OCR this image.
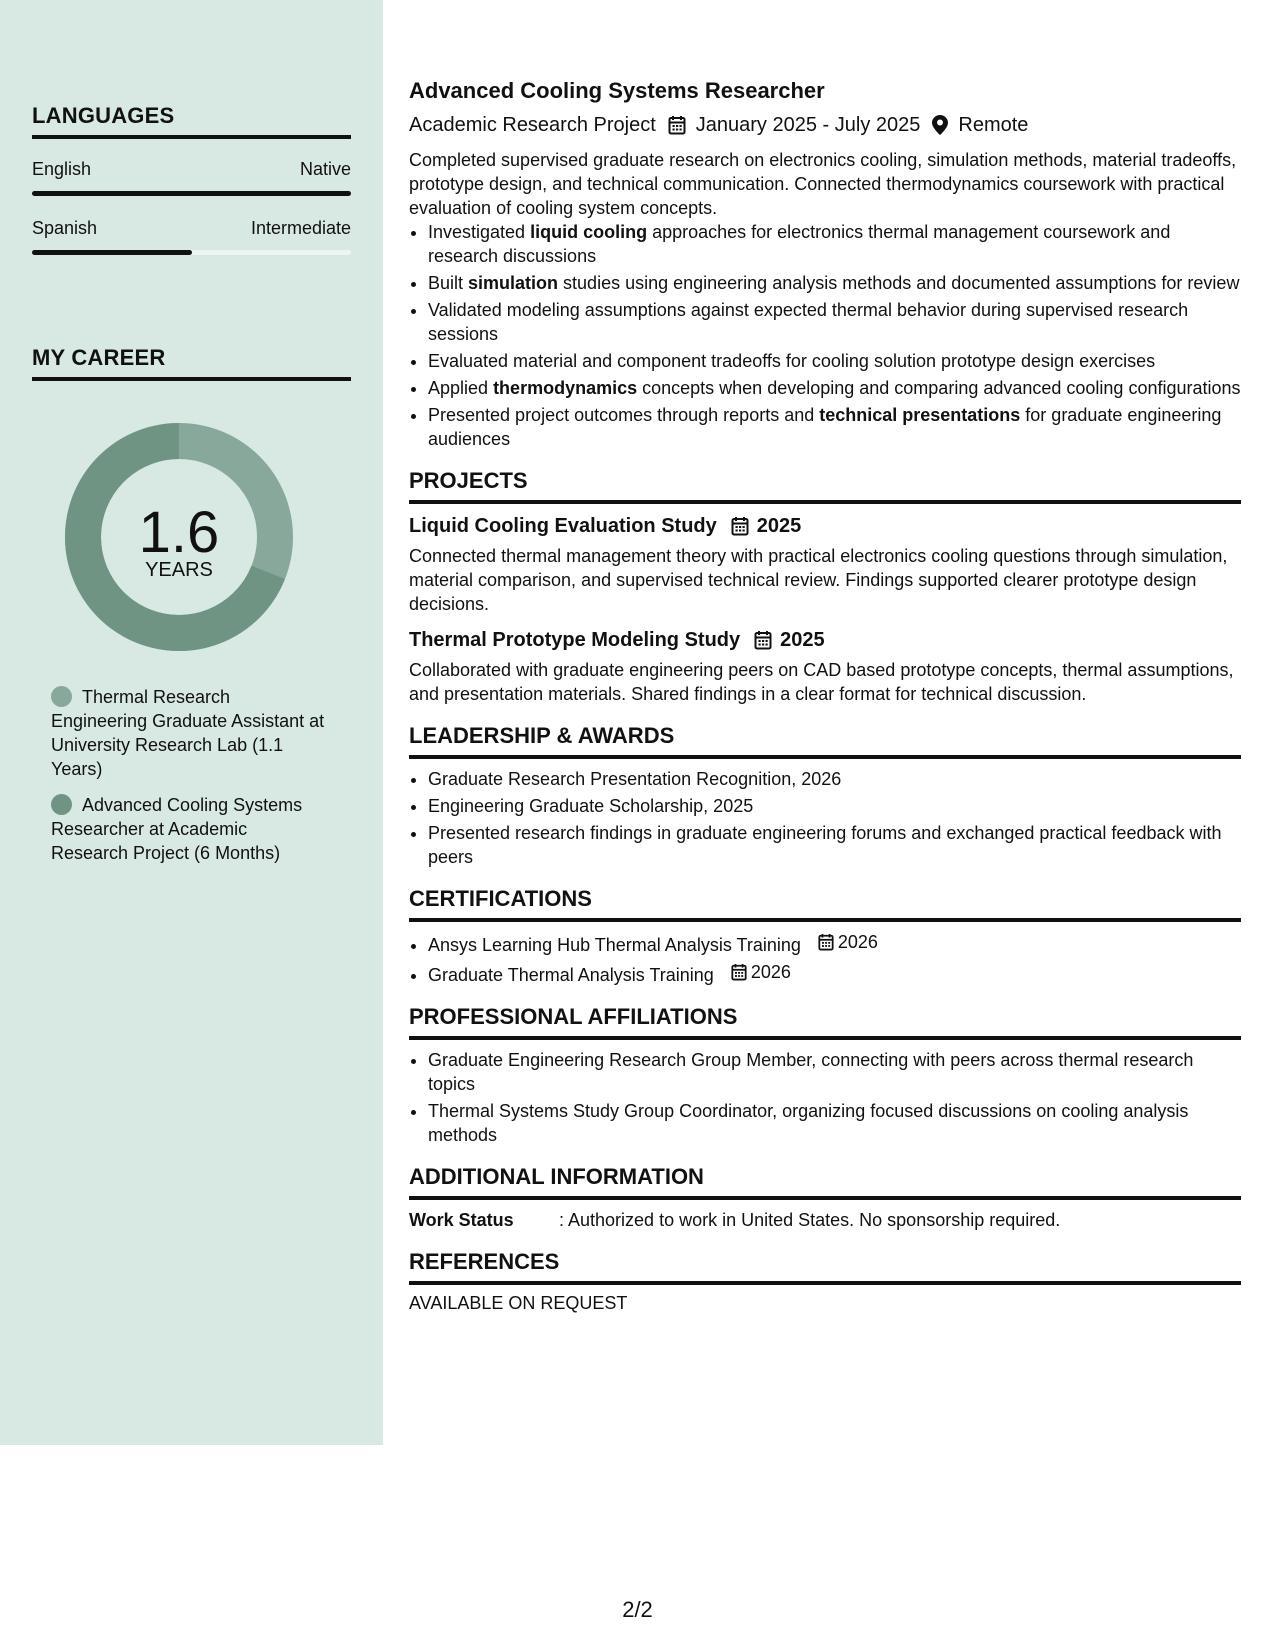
LANGUAGES
English	Native
Spanish	Intermediate
MY CAREER
1.6
YEARS
Thermal Research Engineering Graduate Assistant at University Research Lab (1.1 Years)
Advanced Cooling Systems Researcher at Academic Research Project (6 Months)
Advanced Cooling Systems Researcher
Academic Research Project January 2025 - July 2025 Remote
Completed supervised graduate research on electronics cooling, simulation methods, material tradeoffs, prototype design, and technical communication. Connected thermodynamics coursework with practical evaluation of cooling system concepts.
• Investigated liquid cooling approaches for electronics thermal management coursework and research discussions
• Built simulation studies using engineering analysis methods and documented assumptions for review
• Validated modeling assumptions against expected thermal behavior during supervised research sessions
• Evaluated material and component tradeoffs for cooling solution prototype design exercises
• Applied thermodynamics concepts when developing and comparing advanced cooling configurations
• Presented project outcomes through reports and technical presentations for graduate engineering audiences
PROJECTS
Liquid Cooling Evaluation Study 2025
Connected thermal management theory with practical electronics cooling questions through simulation, material comparison, and supervised technical review. Findings supported clearer prototype design decisions.
Thermal Prototype Modeling Study 2025
Collaborated with graduate engineering peers on CAD based prototype concepts, thermal assumptions, and presentation materials. Shared findings in a clear format for technical discussion.
LEADERSHIP & AWARDS
• Graduate Research Presentation Recognition, 2026
• Engineering Graduate Scholarship, 2025
• Presented research findings in graduate engineering forums and exchanged practical feedback with peers
CERTIFICATIONS
• Ansys Learning Hub Thermal Analysis Training 2026
• Graduate Thermal Analysis Training 2026
PROFESSIONAL AFFILIATIONS
• Graduate Engineering Research Group Member, connecting with peers across thermal research topics
• Thermal Systems Study Group Coordinator, organizing focused discussions on cooling analysis methods
ADDITIONAL INFORMATION
Work Status	: Authorized to work in United States. No sponsorship required.
REFERENCES
AVAILABLE ON REQUEST
2/2
